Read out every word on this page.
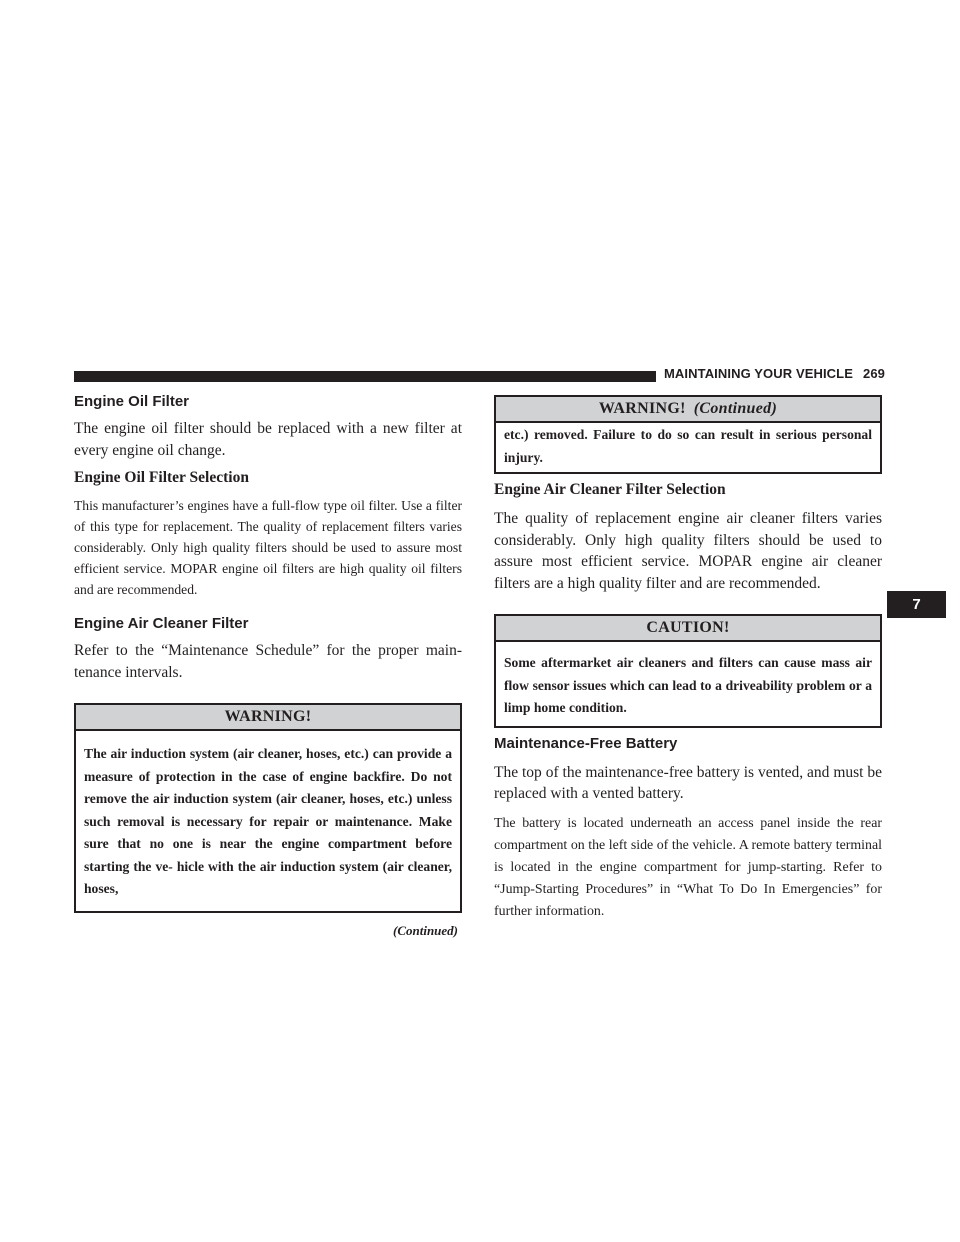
MAINTAINING YOUR VEHICLE 269
Engine Oil Filter

The engine oil filter should be replaced with a new filter at every engine oil change.

Engine Oil Filter Selection

This manufacturer’s engines have a full-flow type oil filter. Use a filter of this type for replacement. The quality of replacement filters varies considerably. Only high quality filters should be used to assure most efficient service. MOPAR engine oil filters are high quality oil filters and are recommended.

Engine Air Cleaner Filter

Refer to the “Maintenance Schedule” for the proper main- tenance intervals.

WARNING!
The air induction system (air cleaner, hoses, etc.) can provide a measure of protection in the case of engine backfire. Do not remove the air induction system (air cleaner, hoses, etc.) unless such removal is necessary for repair or maintenance. Make sure that no one is near the engine compartment before starting the ve- hicle with the air induction system (air cleaner, hoses,
(Continued)
WARNING! (Continued)
etc.) removed. Failure to do so can result in serious personal injury.
Engine Air Cleaner Filter Selection

The quality of replacement engine air cleaner filters varies considerably. Only high quality filters should be used to assure most efficient service. MOPAR engine air cleaner filters are a high quality filter and are recommended.

CAUTION!
Some aftermarket air cleaners and filters can cause mass air flow sensor issues which can lead to a driveability problem or a limp home condition.
Maintenance-Free Battery

The top of the maintenance-free battery is vented, and must be replaced with a vented battery.

The battery is located underneath an access panel inside the rear compartment on the left side of the vehicle. A remote battery terminal is located in the engine compartment for jump-starting. Refer to “Jump-Starting Procedures” in “What To Do In Emergencies” for further information.

7
